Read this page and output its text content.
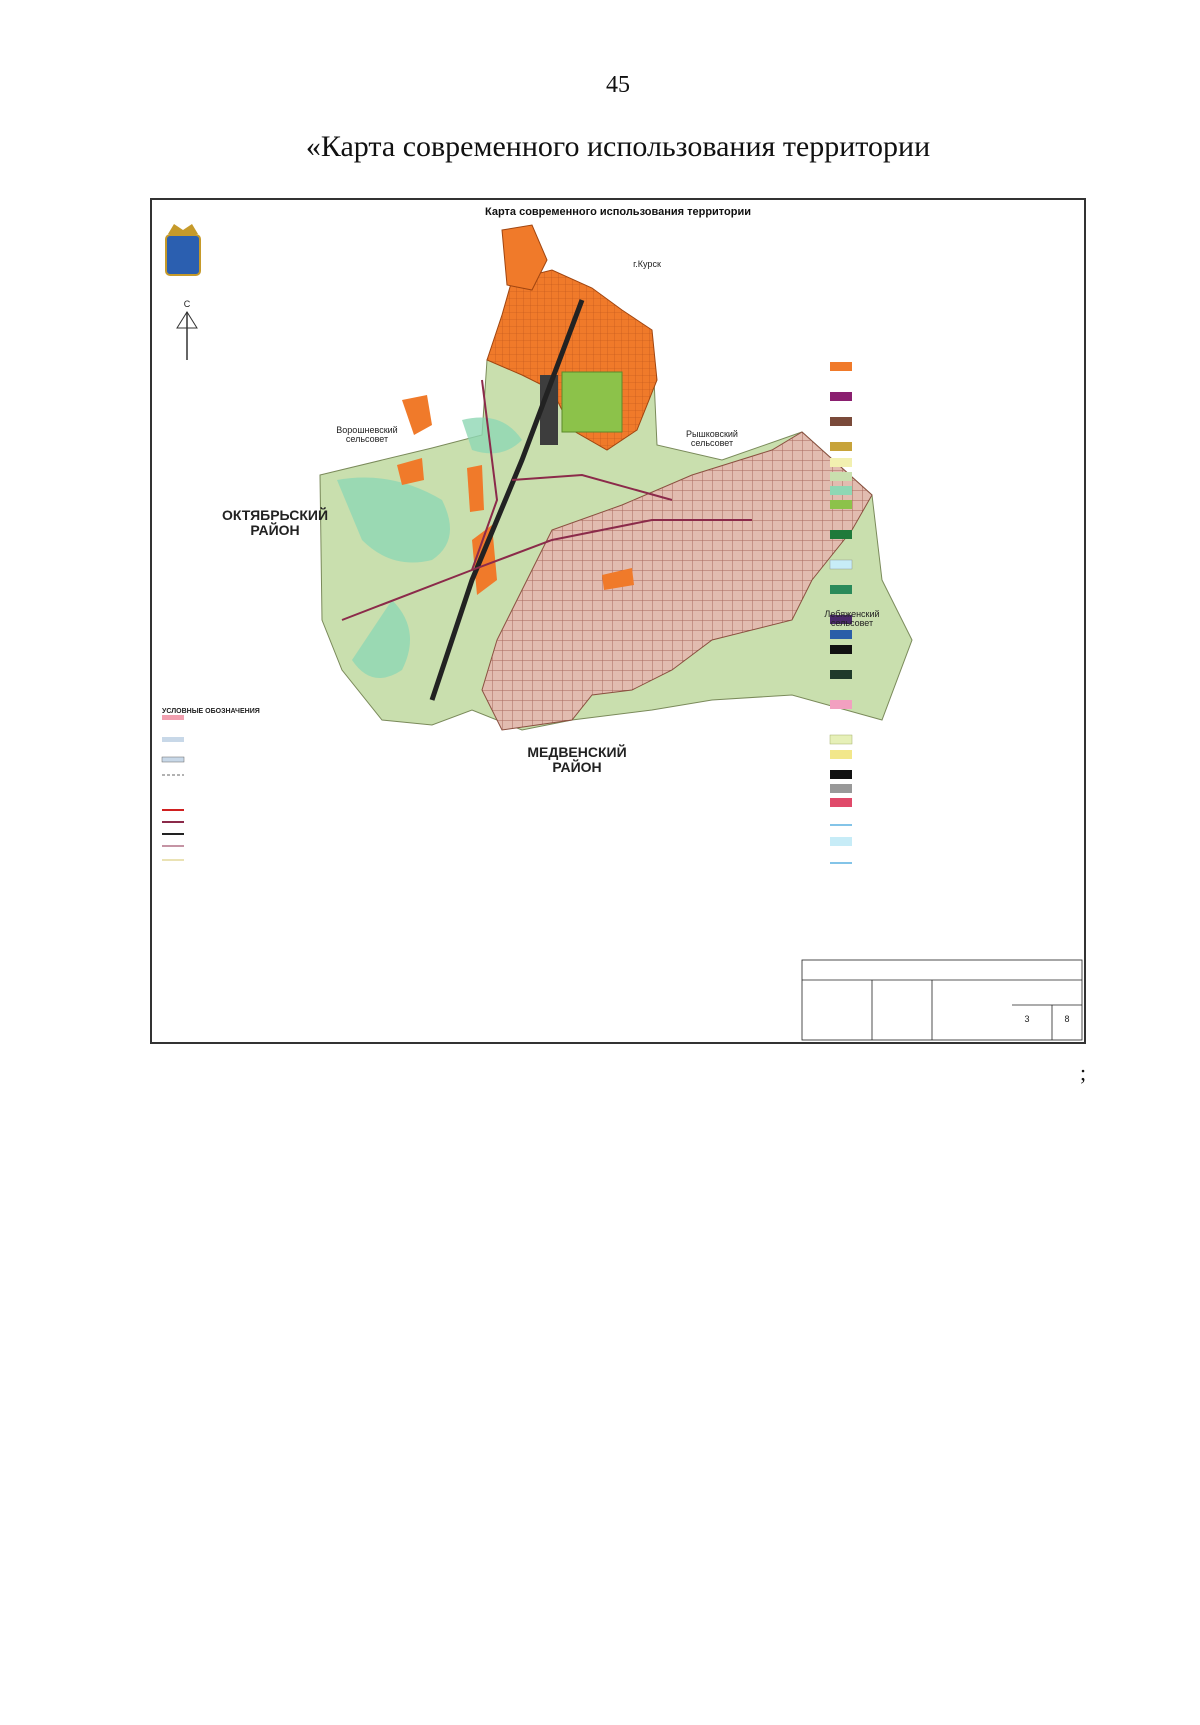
45
«Карта современного использования территории
Карта современного использования территории
г.Курск
ОКТЯБРЬСКИЙ
РАЙОН
МЕДВЕНСКИЙ
РАЙОН
Ворошневский
сельсовет
Рышковский
сельсовет
Лебяженский
сельсовет
С
УСЛОВНЫЕ ОБОЗНАЧЕНИЯ
3	8
;
